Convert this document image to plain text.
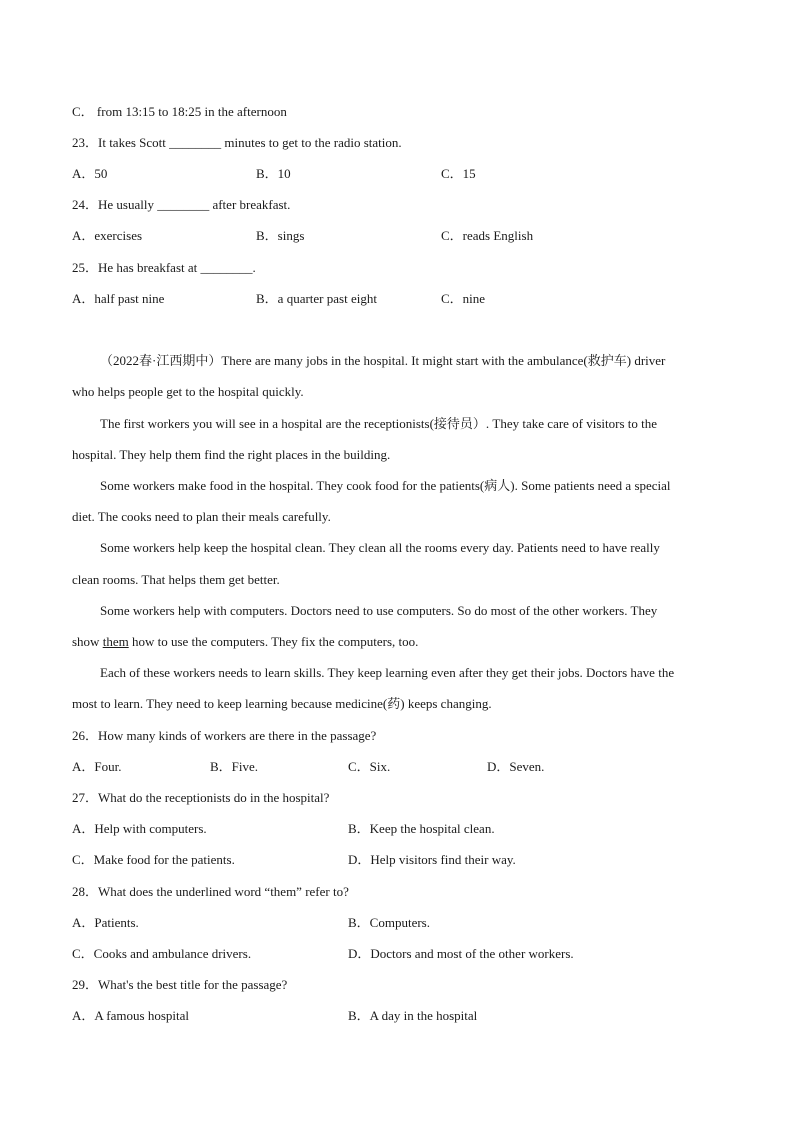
C． from 13:15 to 18:25 in the afternoon
23．It takes Scott ________ minutes to get to the radio station.
A．50	B．10	C．15
24．He usually ________ after breakfast.
A．exercises	B．sings	C．reads English
25．He has breakfast at ________.
A．half past nine	B．a quarter past eight	C．nine
（2022春·江西期中）There are many jobs in the hospital. It might start with the ambulance(救护车) driver
who helps people get to the hospital quickly.
The first workers you will see in a hospital are the receptionists(接待员）. They take care of visitors to the
hospital. They help them find the right places in the building.
Some workers make food in the hospital. They cook food for the patients(病人). Some patients need a special
diet. The cooks need to plan their meals carefully.
Some workers help keep the hospital clean. They clean all the rooms every day. Patients need to have really
clean rooms. That helps them get better.
Some workers help with computers. Doctors need to use computers. So do most of the other workers. They
show them how to use the computers. They fix the computers, too.
Each of these workers needs to learn skills. They keep learning even after they get their jobs. Doctors have the
most to learn. They need to keep learning because medicine(药) keeps changing.
26．How many kinds of workers are there in the passage?
A．Four.	B．Five.	C．Six.	D．Seven.
27．What do the receptionists do in the hospital?
A．Help with computers.	B．Keep the hospital clean.
C．Make food for the patients.	D．Help visitors find their way.
28．What does the underlined word “them” refer to?
A．Patients.	B．Computers.
C．Cooks and ambulance drivers.	D．Doctors and most of the other workers.
29．What's the best title for the passage?
A．A famous hospital	B．A day in the hospital
